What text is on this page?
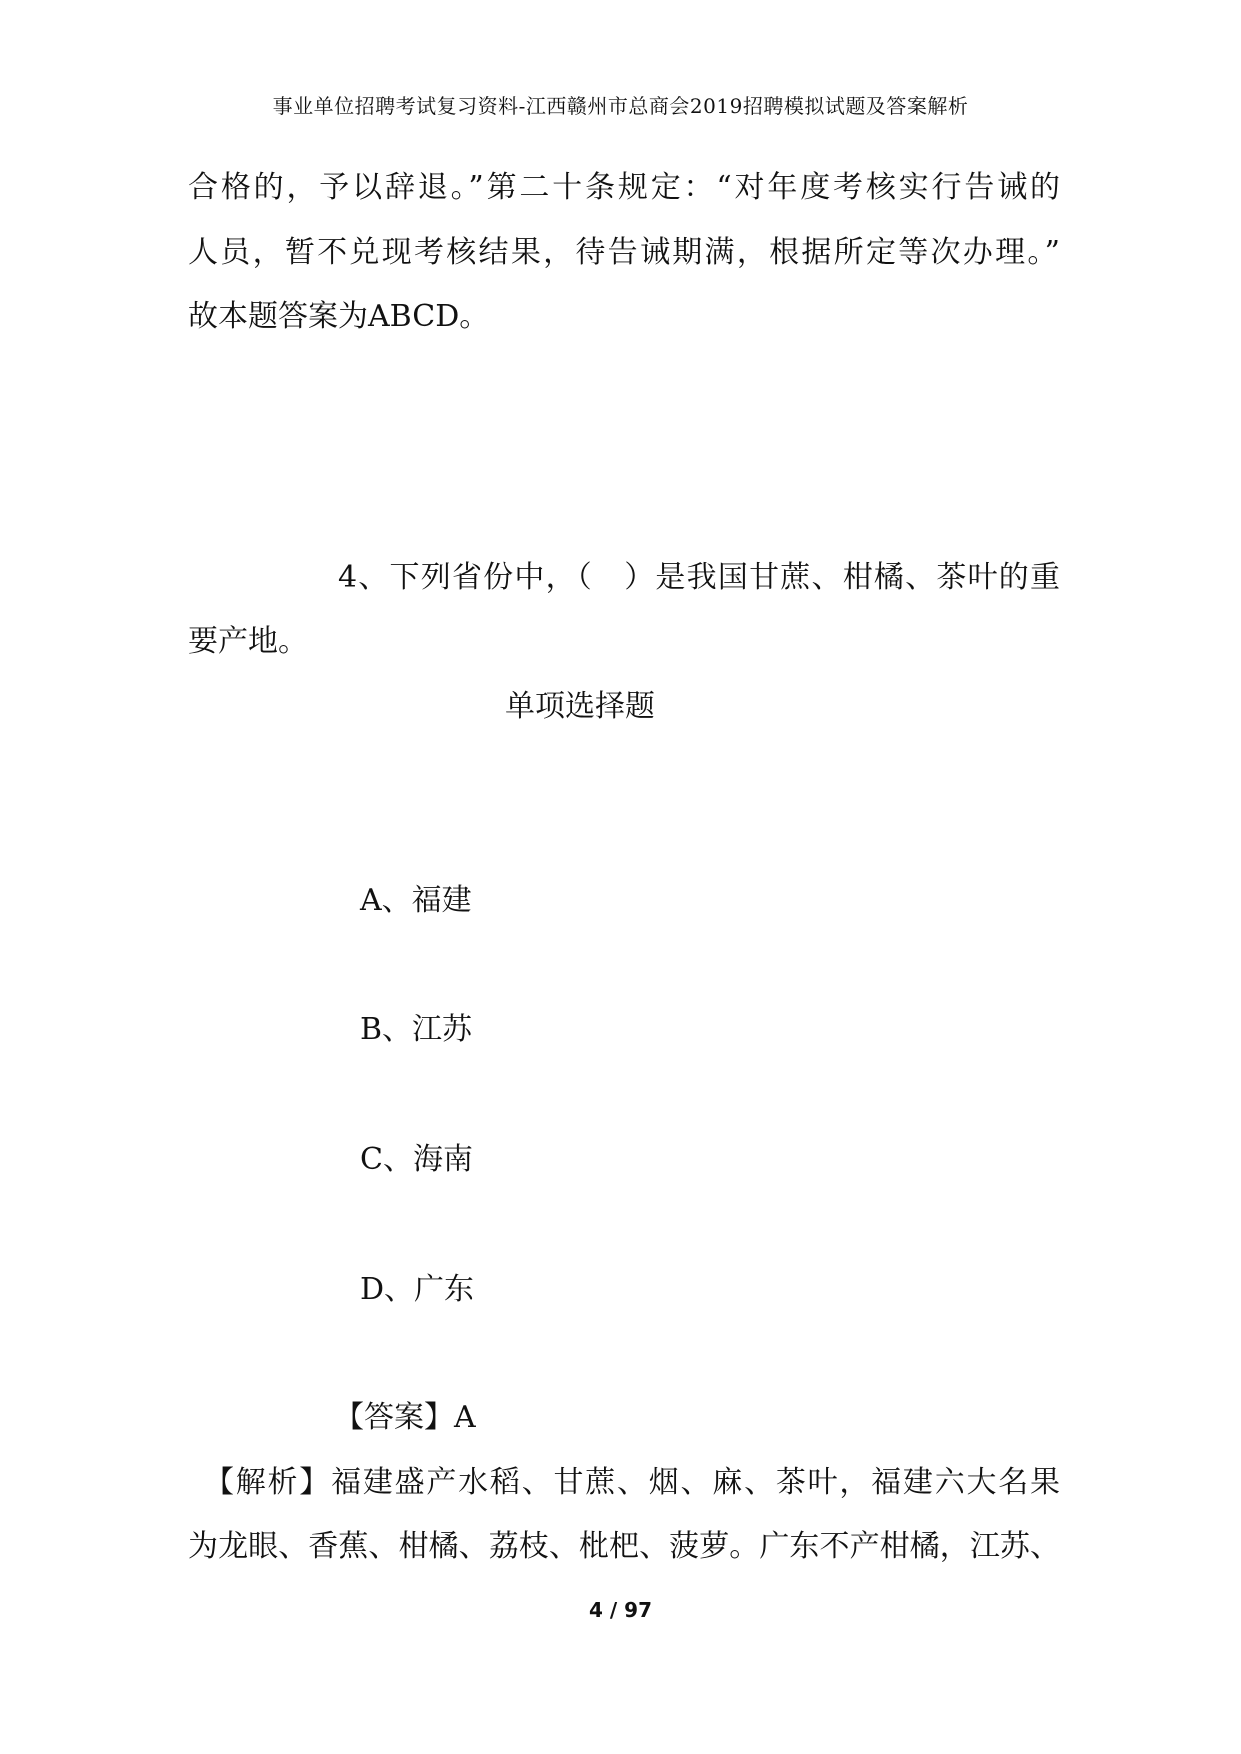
事业单位招聘考试复习资料-江西赣州市总商会2019招聘模拟试题及答案解析
合格的，予以辞退。”第二十条规定：“对年度考核实行告诫的
人员，暂不兑现考核结果，待告诫期满，根据所定等次办理。”
故本题答案为ABCD。
4、下列省份中，（　）是我国甘蔗、柑橘、茶叶的重
要产地。
单项选择题
A、福建
B、江苏
C、海南
D、广东
【答案】A
【解析】福建盛产水稻、甘蔗、烟、麻、茶叶，福建六大名果
为龙眼、香蕉、柑橘、荔枝、枇杷、菠萝。广东不产柑橘，江苏、
4 / 97
